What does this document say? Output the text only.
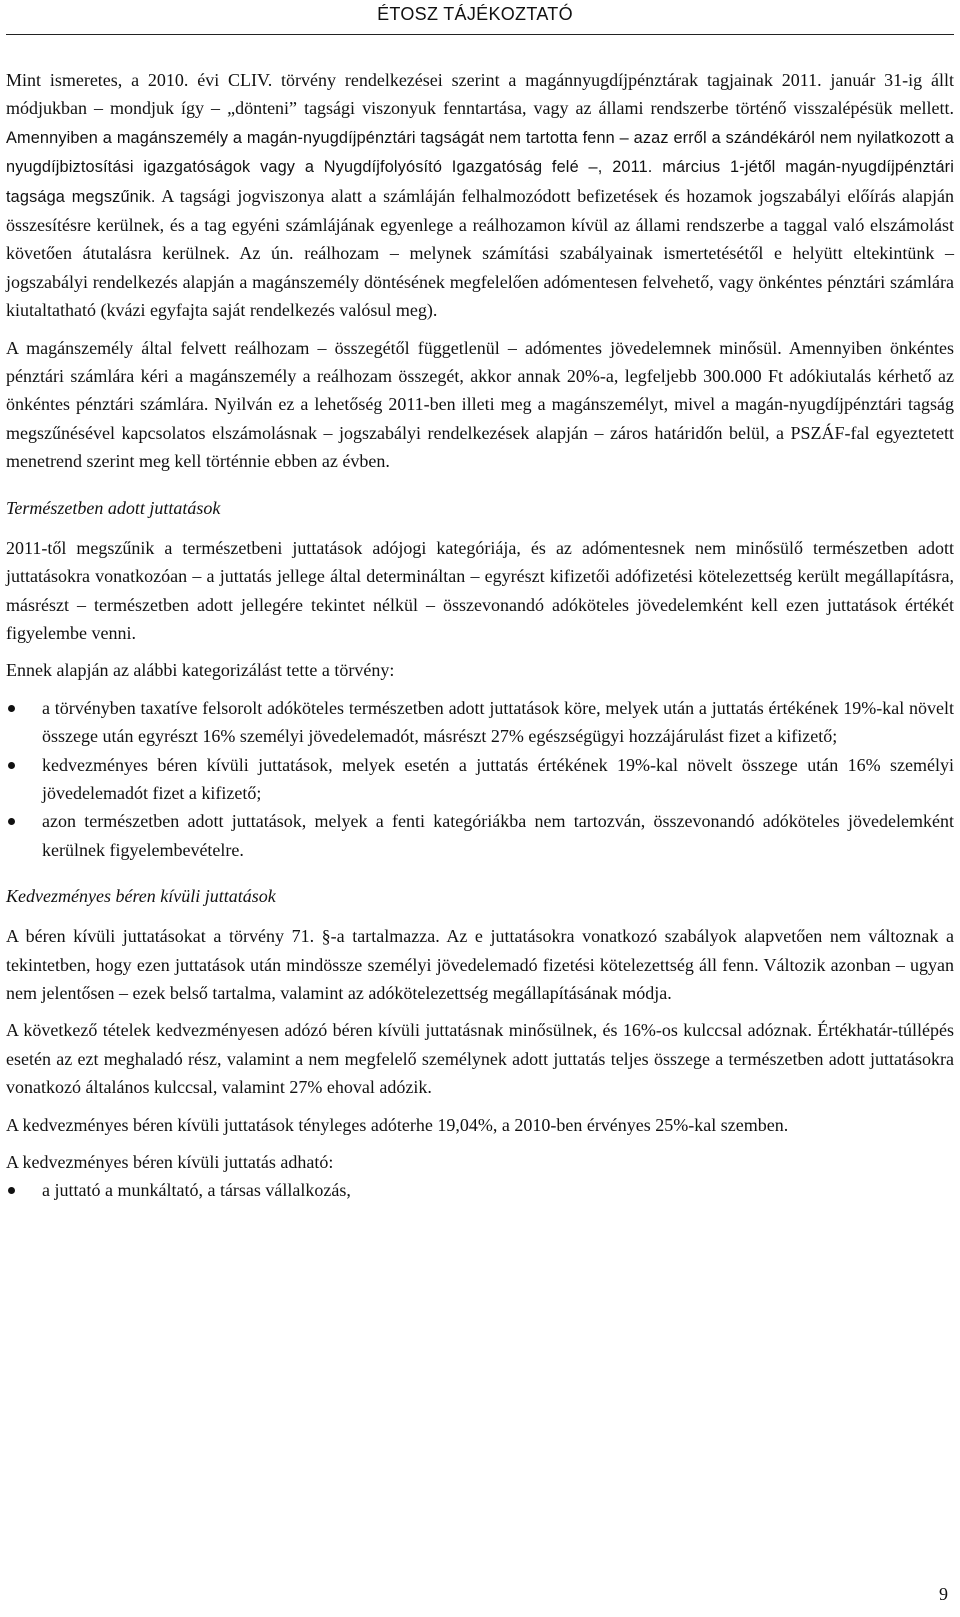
ÉTOSZ TÁJÉKOZTATÓ

Mint ismeretes, a 2010. évi CLIV. törvény rendelkezései szerint a magánnyugdíjpénztárak tagjainak 2011. január 31-ig állt módjukban – mondjuk így – „dönteni” tagsági viszonyuk fenntartása, vagy az állami rendszerbe történő visszalépésük mellett. Amennyiben a magánszemély a magán-nyugdíjpénztári tagságát nem tartotta fenn – azaz erről a szándékáról nem nyilatkozott a nyugdíjbiztosítási igazgatóságok vagy a Nyugdíjfolyósító Igazgatóság felé –, 2011. március 1-jétől magán-nyugdíjpénztári tagsága megszűnik. A tagsági jogviszonya alatt a számláján felhalmozódott befizetések és hozamok jogszabályi előírás alapján összesítésre kerülnek, és a tag egyéni számlájának egyenlege a reálhozamon kívül az állami rendszerbe a taggal való elszámolást követően átutalásra kerülnek. Az ún. reálhozam – melynek számítási szabályainak ismertetésétől e helyütt eltekintünk – jogszabályi rendelkezés alapján a magánszemély döntésének megfelelően adómentesen felvehető, vagy önkéntes pénztári számlára kiutaltatható (kvázi egyfajta saját rendelkezés valósul meg).

A magánszemély által felvett reálhozam – összegétől függetlenül – adómentes jövedelemnek minősül. Amennyiben önkéntes pénztári számlára kéri a magánszemély a reálhozam összegét, akkor annak 20%-a, legfeljebb 300.000 Ft adókiutalás kérhető az önkéntes pénztári számlára. Nyilván ez a lehetőség 2011-ben illeti meg a magánszemélyt, mivel a magán-nyugdíjpénztári tagság megszűnésével kapcsolatos elszámolásnak – jogszabályi rendelkezések alapján – záros határidőn belül, a PSZÁF-fal egyeztetett menetrend szerint meg kell történnie ebben az évben.

Természetben adott juttatások

2011-től megszűnik a természetbeni juttatások adójogi kategóriája, és az adómentesnek nem minősülő természetben adott juttatásokra vonatkozóan – a juttatás jellege által determináltan – egyrészt kifizetői adófizetési kötelezettség került megállapításra, másrészt – természetben adott jellegére tekintet nélkül – összevonandó adóköteles jövedelemként kell ezen juttatások értékét figyelembe venni.

Ennek alapján az alábbi kategorizálást tette a törvény:

a törvényben taxatíve felsorolt adóköteles természetben adott juttatások köre, melyek után a juttatás értékének 19%-kal növelt összege után egyrészt 16% személyi jövedelemadót, másrészt 27% egészségügyi hozzájárulást fizet a kifizető;
kedvezményes béren kívüli juttatások, melyek esetén a juttatás értékének 19%-kal növelt összege után 16% személyi jövedelemadót fizet a kifizető;
azon természetben adott juttatások, melyek a fenti kategóriákba nem tartozván, összevonandó adóköteles jövedelemként kerülnek figyelembevételre.
Kedvezményes béren kívüli juttatások

A béren kívüli juttatásokat a törvény 71. §-a tartalmazza. Az e juttatásokra vonatkozó szabályok alapvetően nem változnak a tekintetben, hogy ezen juttatások után mindössze személyi jövedelemadó fizetési kötelezettség áll fenn. Változik azonban – ugyan nem jelentősen – ezek belső tartalma, valamint az adókötelezettség megállapításának módja.

A következő tételek kedvezményesen adózó béren kívüli juttatásnak minősülnek, és 16%-os kulccsal adóznak. Értékhatár-túllépés esetén az ezt meghaladó rész, valamint a nem megfelelő személynek adott juttatás teljes összege a természetben adott juttatásokra vonatkozó általános kulccsal, valamint 27% ehoval adózik.

A kedvezményes béren kívüli juttatások tényleges adóterhe 19,04%, a 2010-ben érvényes 25%-kal szemben.

A kedvezményes béren kívüli juttatás adható:

a juttató a munkáltató, a társas vállalkozás,
9
